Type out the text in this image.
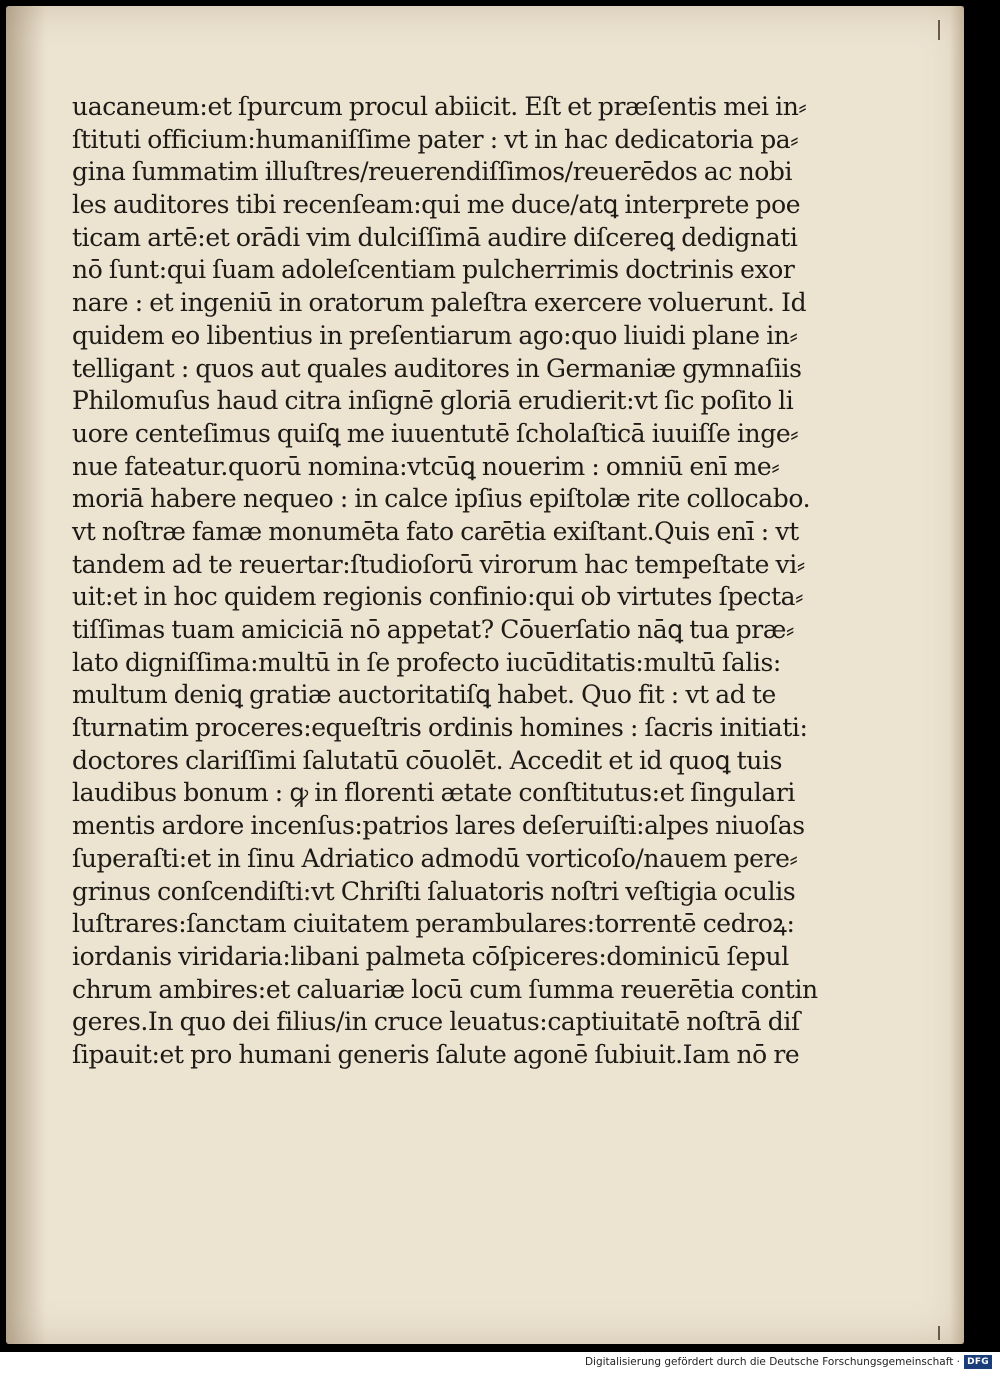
uacaneum:et ſpurcum procul abiicit. Eſt et præſentis mei in⸗
ſtituti officium:humaniſſime pater : vt in hac dedicatoria pa⸗
gina ſummatim illuſtres/reuerendiſſimos/reuerēdos ac nobi
les auditores tibi recenſeam:qui me duce/atꝗ interprete poe
ticam artē:et orādi vim dulciſſimā audire diſcereꝗ dedignati
nō ſunt:qui ſuam adoleſcentiam pulcherrimis doctrinis exor
nare : et ingeniū in oratorum paleſtra exercere voluerunt. Id
quidem eo libentius in preſentiarum ago:quo liuidi plane in⸗
telligant : quos aut quales auditores in Germaniæ gymnaſiis
Philomuſus haud citra inſignē gloriā erudierit:vt ſic poſito li
uore centeſimus quiſꝗ me iuuentutē ſcholaſticā iuuiſſe inge⸗
nue fateatur.quorū nomina:vtcūꝗ nouerim : omniū enī me⸗
moriā habere nequeo : in calce ipſius epiſtolæ rite collocabo.
vt noſtræ famæ monumēta fato carētia exiſtant.Quis enī : vt
tandem ad te reuertar:ſtudioſorū virorum hac tempeſtate vi⸗
uit:et in hoc quidem regionis confinio:qui ob virtutes ſpecta⸗
tiſſimas tuam amiciciā nō appetat? Cōuerſatio nāꝗ tua præ⸗
lato digniſſima:multū in ſe profecto iucūditatis:multū ſalis:
multum deniꝗ gratiæ auctoritatiſꝗ habet. Quo fit : vt ad te
ſturnatim proceres:equeſtris ordinis homines : ſacris initiati:
doctores clariſſimi ſalutatū cōuolēt. Accedit et id quoꝗ tuis
laudibus bonum : ꝙ in florenti ætate conſtitutus:et ſingulari
mentis ardore incenſus:patrios lares deſeruiſti:alpes niuoſas
ſuperaſti:et in ſinu Adriatico admodū vorticoſo/nauem pere⸗
grinus conſcendiſti:vt Chriſti ſaluatoris noſtri veſtigia oculis
luſtrares:ſanctam ciuitatem perambulares:torrentē cedroꝝ:
iordanis viridaria:libani palmeta cōſpiceres:dominicū ſepul
chrum ambires:et caluariæ locū cum ſumma reuerētia contin
geres.In quo dei filius/in cruce leuatus:captiuitatē noſtrā diſ
ſipauit:et pro humani generis ſalute agonē ſubiuit.Iam nō re
Digitalisierung gefördert durch die Deutsche Forschungsgemeinschaft · DFG
